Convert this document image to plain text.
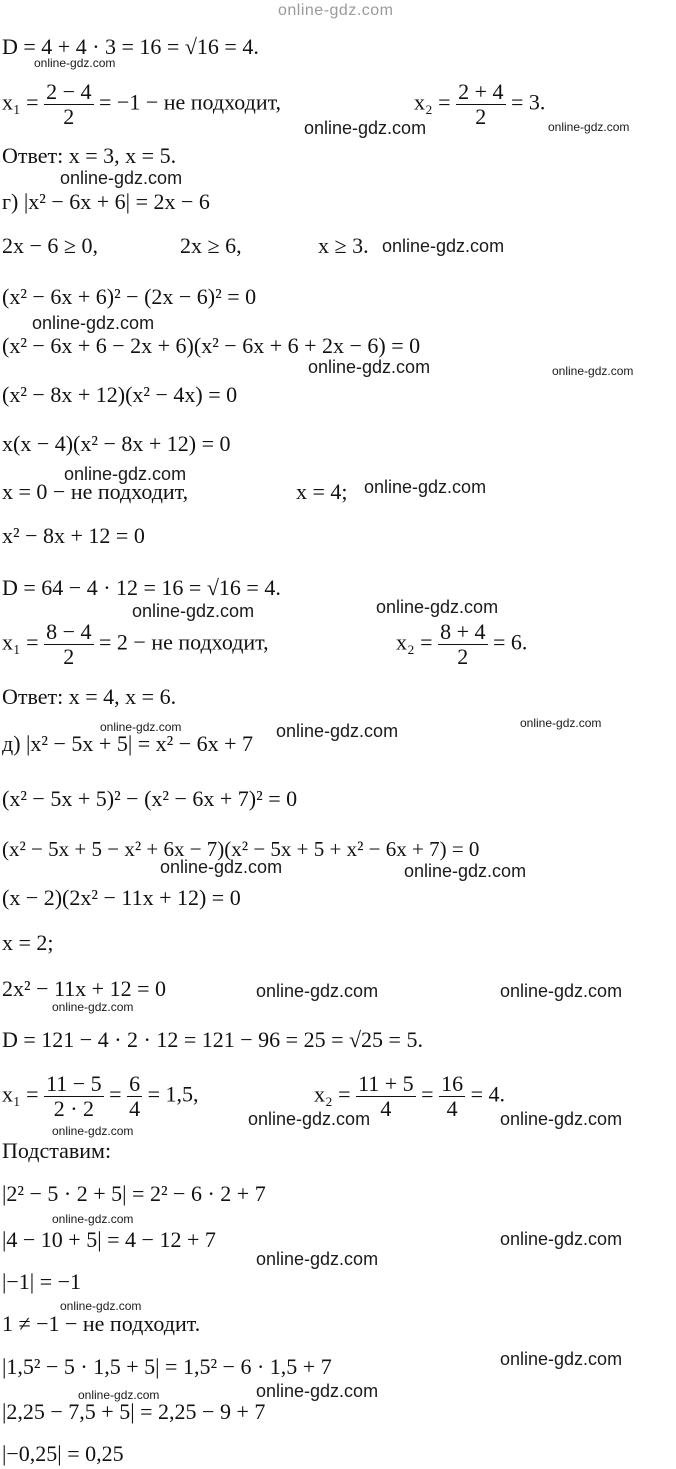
online-gdz.com
D = 4 + 4 · 3 = 16 = √16 = 4.
$x_1 = \frac{2 - 4}{2} = -1$ − не подходит,	$x_2 = \frac{2 + 4}{2} = 3$.
Ответ: x = 3, x = 5.
г) |x² − 6x + 6| = 2x − 6
2x − 6 ≥ 0,	2x ≥ 6,	x ≥ 3.
(x² − 6x + 6)² − (2x − 6)² = 0
(x² − 6x + 6 − 2x + 6)(x² − 6x + 6 + 2x − 6) = 0
(x² − 8x + 12)(x² − 4x) = 0
x(x − 4)(x² − 8x + 12) = 0
x = 0 − не подходит,	x = 4;
x² − 8x + 12 = 0
D = 64 − 4 · 12 = 16 = √16 = 4.
$x_1 = \frac{8 - 4}{2} = 2$ − не подходит,	$x_2 = \frac{8 + 4}{2} = 6$.
Ответ: x = 4, x = 6.
д) |x² − 5x + 5| = x² − 6x + 7
(x² − 5x + 5)² − (x² − 6x + 7)² = 0
(x² − 5x + 5 − x² + 6x − 7)(x² − 5x + 5 + x² − 6x + 7) = 0
(x − 2)(2x² − 11x + 12) = 0
x = 2;
2x² − 11x + 12 = 0
D = 121 − 4 · 2 · 12 = 121 − 96 = 25 = √25 = 5.
$x_1 = \frac{11 - 5}{2 \cdot 2} = \frac{6}{4} = 1,5$,	$x_2 = \frac{11 + 5}{4} = \frac{16}{4} = 4$.
Подставим:
|2² − 5 · 2 + 5| = 2² − 6 · 2 + 7
|4 − 10 + 5| = 4 − 12 + 7
|−1| = −1
1 ≠ −1 − не подходит.
|1,5² − 5 · 1,5 + 5| = 1,5² − 6 · 1,5 + 7
|2,25 − 7,5 + 5| = 2,25 − 9 + 7
|−0,25| = 0,25
online-gdz.com
online-gdz.com	online-gdz.com
online-gdz.com
online-gdz.com
online-gdz.com
online-gdz.com	online-gdz.com
online-gdz.com
online-gdz.com
online-gdz.com	online-gdz.com
online-gdz.com	online-gdz.com	online-gdz.com
online-gdz.com	online-gdz.com
online-gdz.com	online-gdz.com
online-gdz.com
online-gdz.com	online-gdz.com
online-gdz.com
online-gdz.com
online-gdz.com
online-gdz.com
online-gdz.com
online-gdz.com
online-gdz.com
online-gdz.com
